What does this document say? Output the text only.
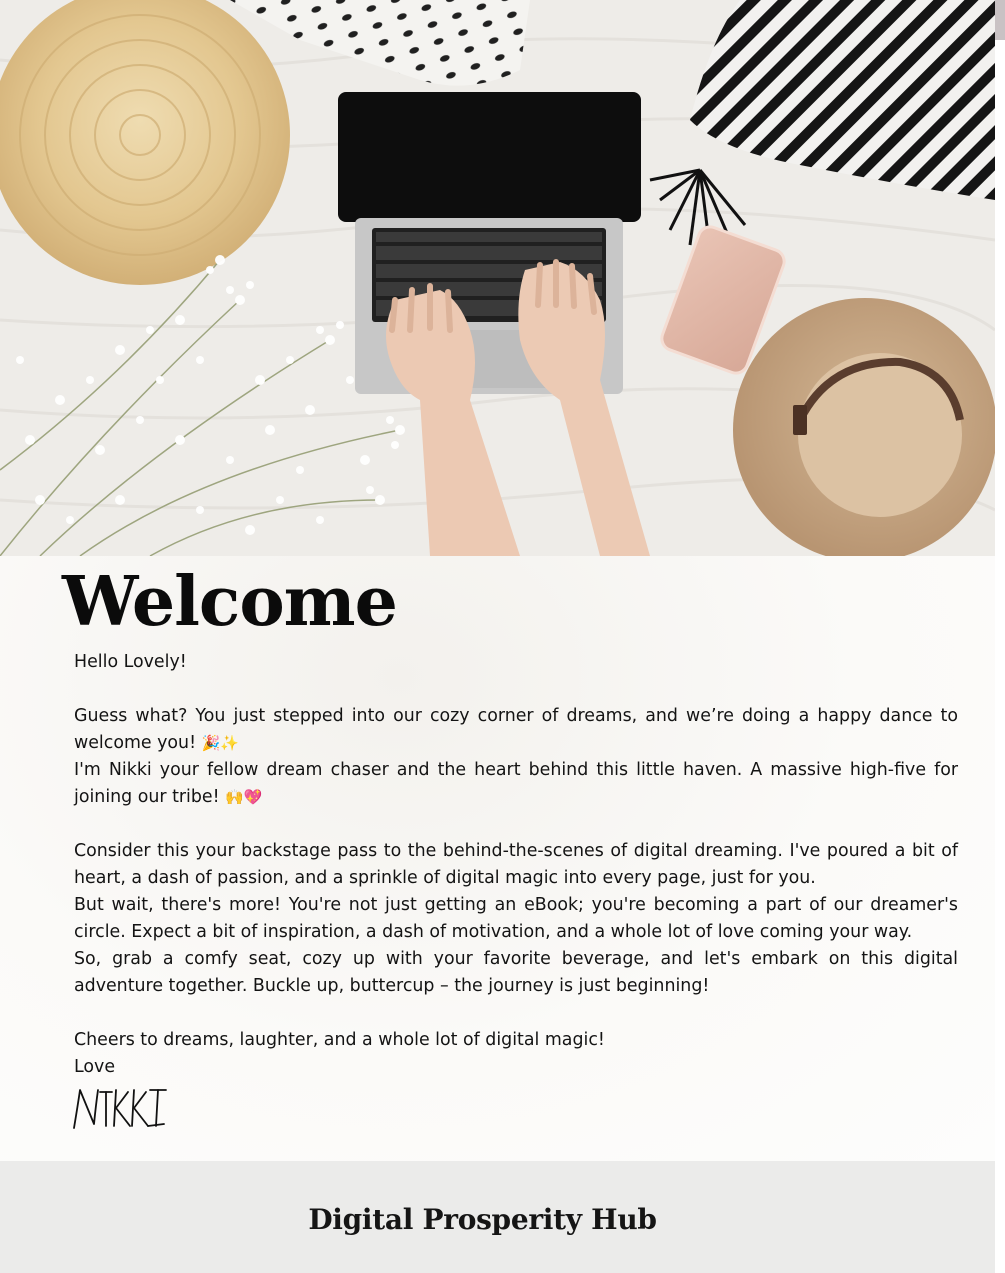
Welcome

Hello Lovely!

Guess what? You just stepped into our cozy corner of dreams, and we’re doing a happy dance to welcome you! 🎉✨

I'm Nikki your fellow dream chaser and the heart behind this little haven. A massive high-five for joining our tribe! 🙌💖

Consider this your backstage pass to the behind-the-scenes of digital dreaming. I've poured a bit of heart, a dash of passion, and a sprinkle of digital magic into every page, just for you.

But wait, there's more! You're not just getting an eBook; you're becoming a part of our dreamer's circle. Expect a bit of inspiration, a dash of motivation, and a whole lot of love coming your way.

So, grab a comfy seat, cozy up with your favorite beverage, and let's embark on this digital adventure together. Buckle up, buttercup – the journey is just beginning!

Cheers to dreams, laughter, and a whole lot of digital magic!

Love

Digital Prosperity Hub
